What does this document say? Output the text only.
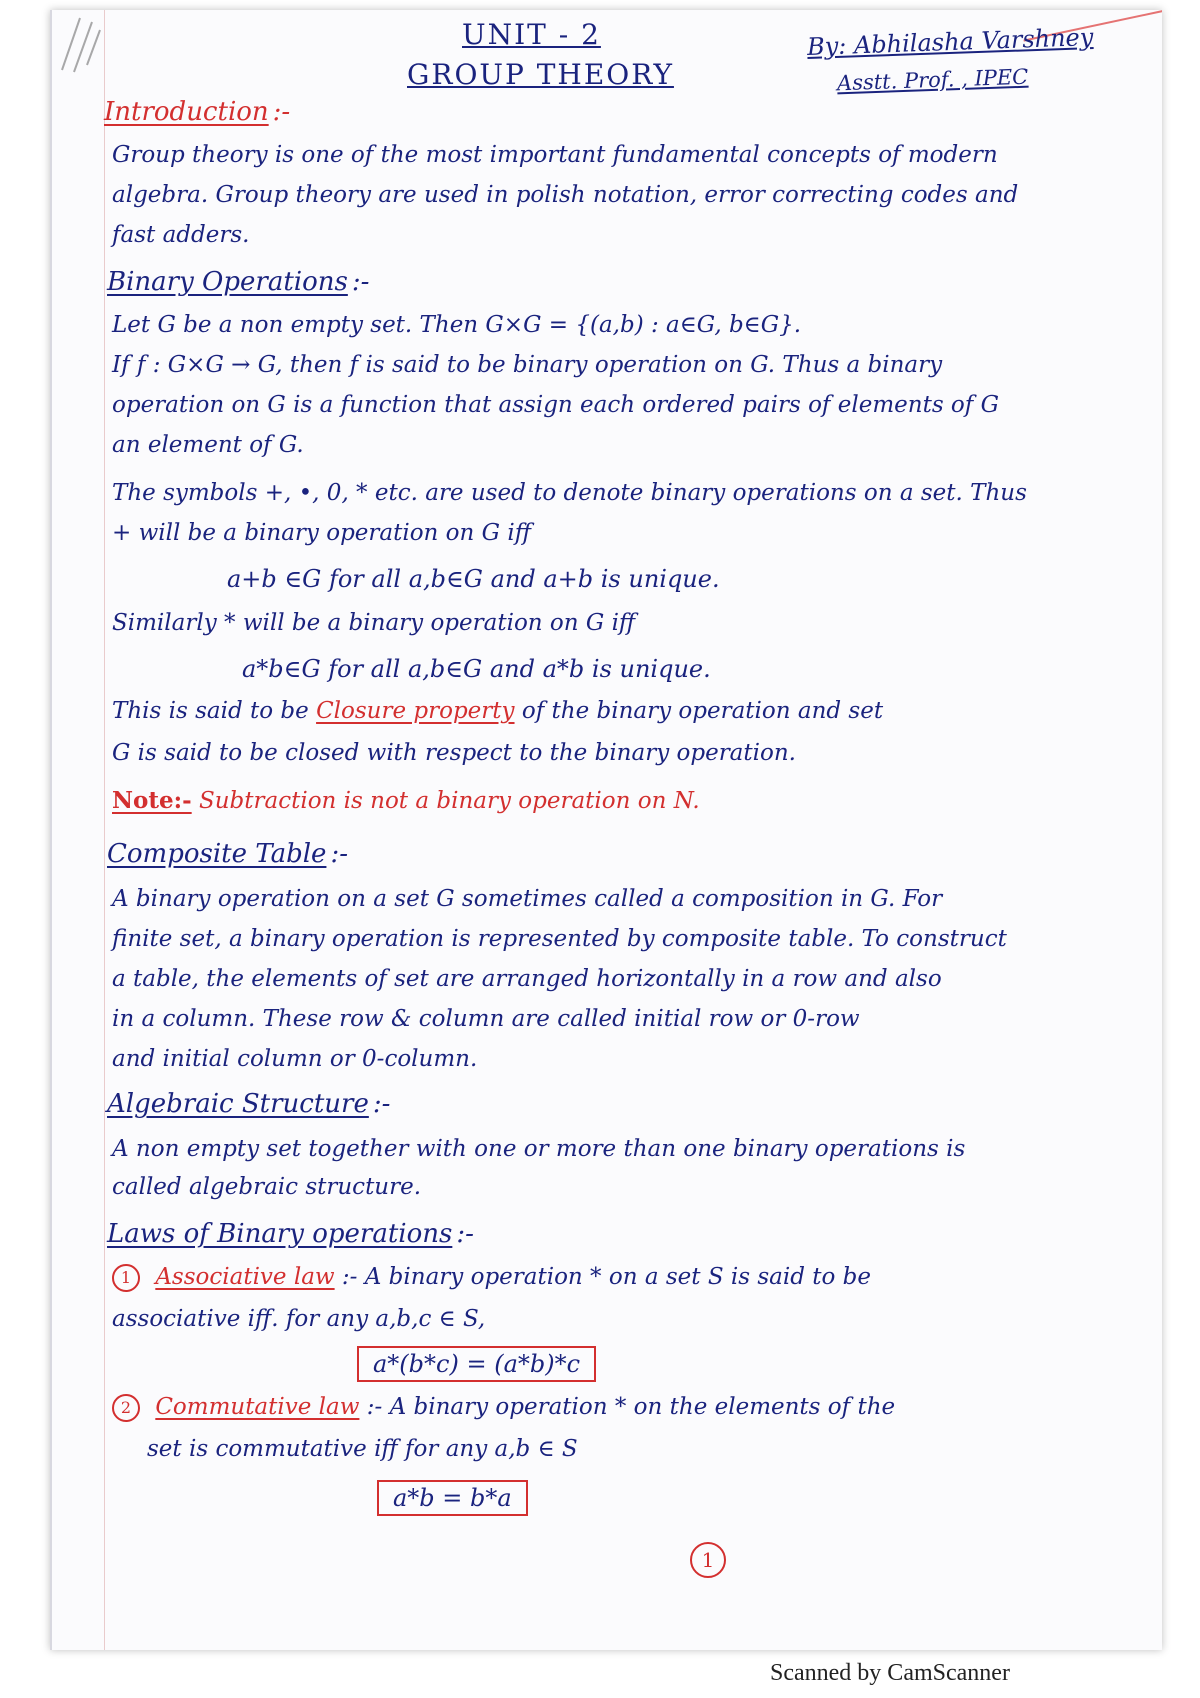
UNIT - 2
GROUP THEORY
By: Abhilasha Varshney
Asstt. Prof. , IPEC
Introduction :-
Group theory is one of the most important fundamental concepts of modern
algebra. Group theory are used in polish notation, error correcting codes and
fast adders.
Binary Operations :-
Let G be a non empty set. Then G×G = {(a,b) : a∈G, b∈G}.
If f : G×G → G, then f is said to be binary operation on G. Thus a binary
operation on G is a function that assign each ordered pairs of elements of G
an element of G.
The symbols +, •, 0, * etc. are used to denote binary operations on a set. Thus
+ will be a binary operation on G iff
a+b ∈G for all a,b∈G and a+b is unique.
Similarly * will be a binary operation on G iff
a*b∈G for all a,b∈G and a*b is unique.
This is said to be Closure property of the binary operation and set
G is said to be closed with respect to the binary operation.
Note:- Subtraction is not a binary operation on N.
Composite Table :-
A binary operation on a set G sometimes called a composition in G. For
finite set, a binary operation is represented by composite table. To construct
a table, the elements of set are arranged horizontally in a row and also
in a column. These row & column are called initial row or 0-row
and initial column or 0-column.
Algebraic Structure :-
A non empty set together with one or more than one binary operations is
called algebraic structure.
Laws of Binary operations :-
1 Associative law :- A binary operation * on a set S is said to be
associative iff. for any a,b,c ∈ S,
a*(b*c) = (a*b)*c
2 Commutative law :- A binary operation * on the elements of the
set is commutative iff for any a,b ∈ S
a*b = b*a
1
Scanned by CamScanner
